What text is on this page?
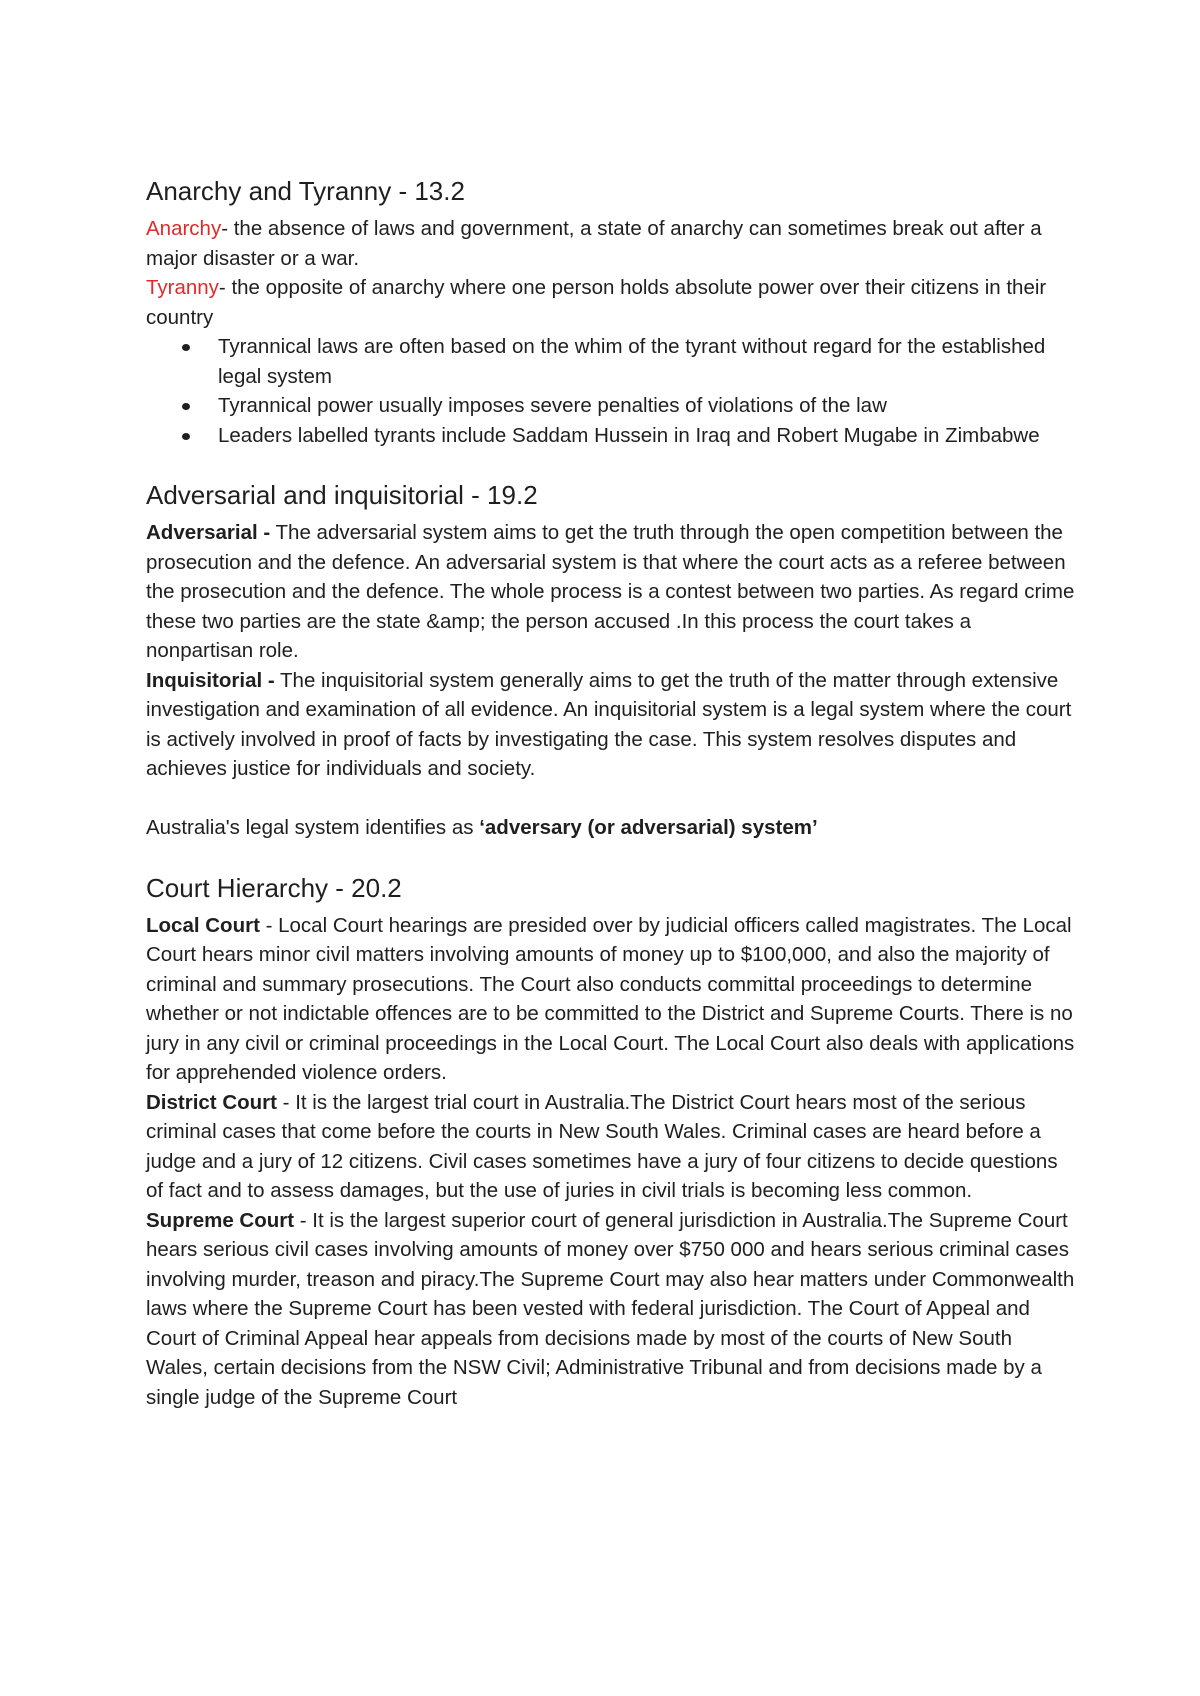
Anarchy and Tyranny - 13.2

Anarchy- the absence of laws and government, a state of anarchy can sometimes break out after a major disaster or a war.

Tyranny- the opposite of anarchy where one person holds absolute power over their citizens in their country

Tyrannical laws are often based on the whim of the tyrant without regard for the established legal system
Tyrannical power usually imposes severe penalties of violations of the law
Leaders labelled tyrants include Saddam Hussein in Iraq and Robert Mugabe in Zimbabwe
Adversarial and inquisitorial - 19.2

Adversarial - The adversarial system aims to get the truth through the open competition between the prosecution and the defence. An adversarial system is that where the court acts as a referee between the prosecution and the defence. The whole process is a contest between two parties. As regard crime these two parties are the state &amp; the person accused .In this process the court takes a nonpartisan role.

Inquisitorial - The inquisitorial system generally aims to get the truth of the matter through extensive investigation and examination of all evidence. An inquisitorial system is a legal system where the court is actively involved in proof of facts by investigating the case. This system resolves disputes and achieves justice for individuals and society.

Australia's legal system identifies as ‘adversary (or adversarial) system’

Court Hierarchy - 20.2

Local Court - Local Court hearings are presided over by judicial officers called magistrates. The Local Court hears minor civil matters involving amounts of money up to $100,000, and also the majority of criminal and summary prosecutions. The Court also conducts committal proceedings to determine whether or not indictable offences are to be committed to the District and Supreme Courts. There is no jury in any civil or criminal proceedings in the Local Court. The Local Court also deals with applications for apprehended violence orders.

District Court - It is the largest trial court in Australia.The District Court hears most of the serious criminal cases that come before the courts in New South Wales. Criminal cases are heard before a judge and a jury of 12 citizens. Civil cases sometimes have a jury of four citizens to decide questions of fact and to assess damages, but the use of juries in civil trials is becoming less common.

Supreme Court - It is the largest superior court of general jurisdiction in Australia.The Supreme Court hears serious civil cases involving amounts of money over $750 000 and hears serious criminal cases involving murder, treason and piracy.The Supreme Court may also hear matters under Commonwealth laws where the Supreme Court has been vested with federal jurisdiction. The Court of Appeal and Court of Criminal Appeal hear appeals from decisions made by most of the courts of New South Wales, certain decisions from the NSW Civil; Administrative Tribunal and from decisions made by a single judge of the Supreme Court
